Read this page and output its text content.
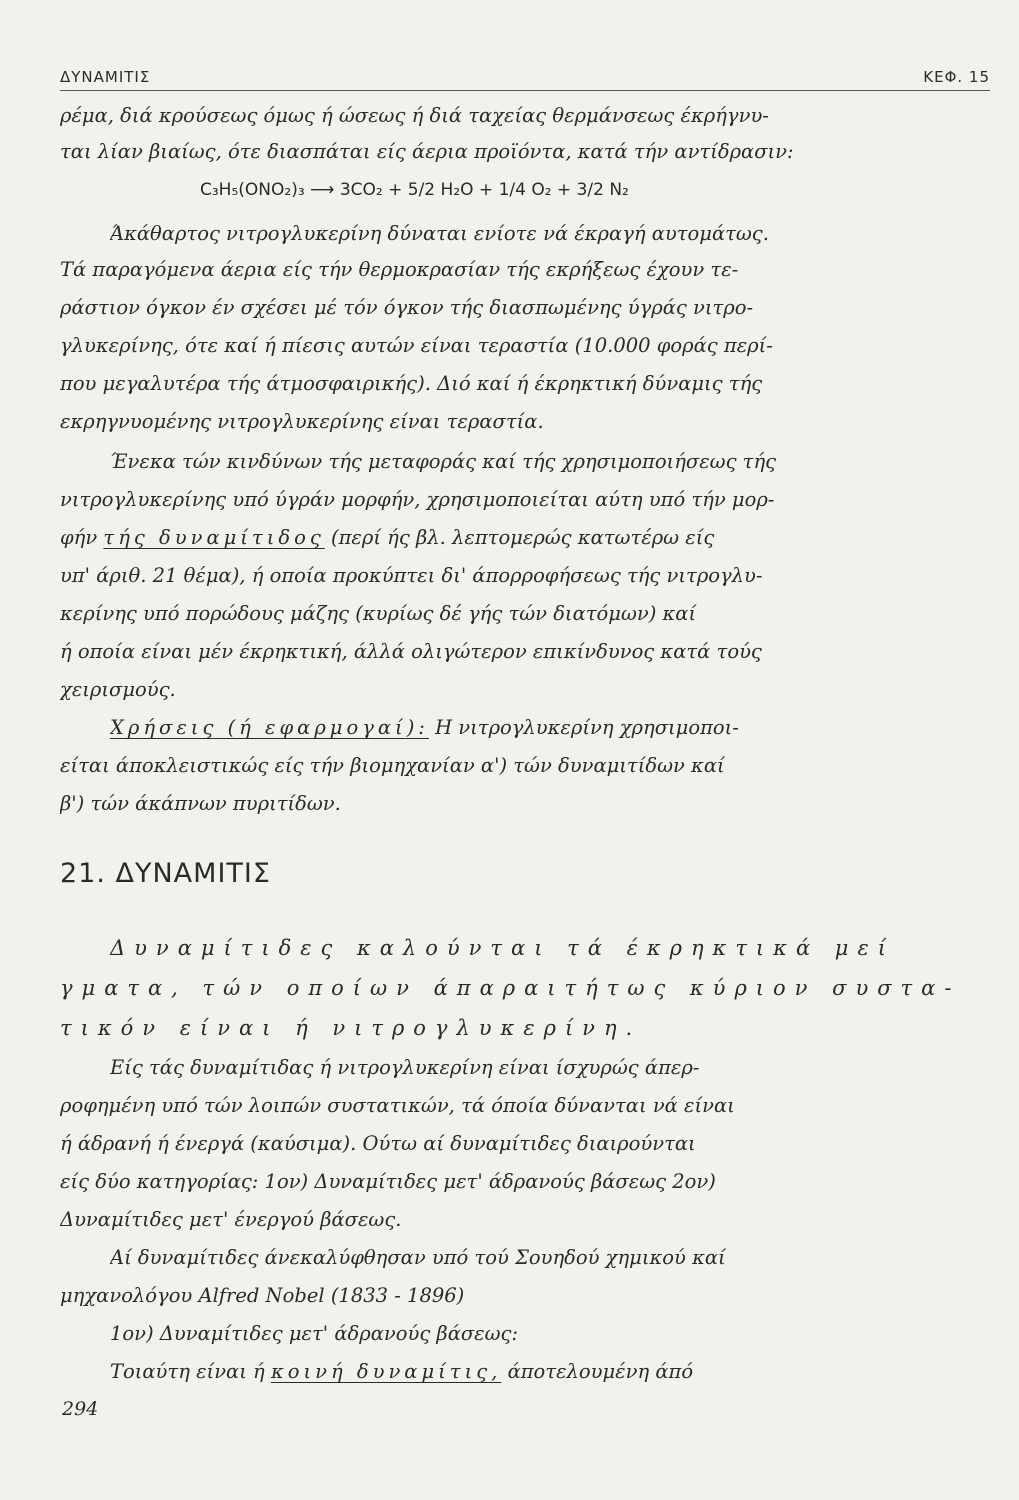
ΔΥΝΑΜΙΤΙΣ	ΚΕΦ. 15
ρέμα, διά κρούσεως όμως ή ώσεως ή διά ταχείας θερμάνσεως έκρήγνυ-
ται λίαν βιαίως, ότε διασπάται είς άερια προϊόντα, κατά τήν αντίδρασιν:
C₃H₅(ONO₂)₃ ⟶ 3CO₂ + 5/2 H₂O + 1/4 O₂ + 3/2 N₂
Άκάθαρτος νιτρογλυκερίνη δύναται ενίοτε νά έκραγή αυτομάτως.
Τά παραγόμενα άερια είς τήν θερμοκρασίαν τής εκρήξεως έχουν τε-
ράστιον όγκον έν σχέσει μέ τόν όγκον τής διασπωμένης ύγράς νιτρο-
γλυκερίνης, ότε καί ή πίεσις αυτών είναι τεραστία (10.000 φοράς περί-
που μεγαλυτέρα τής άτμοσφαιρικής). Διό καί ή έκρηκτική δύναμις τής
εκρηγνυομένης νιτρογλυκερίνης είναι τεραστία.
Ένεκα τών κινδύνων τής μεταφοράς καί τής χρησιμοποιήσεως τής
νιτρογλυκερίνης υπό ύγράν μορφήν, χρησιμοποιείται αύτη υπό τήν μορ-
φήν τής δυναμίτιδος (περί ής βλ. λεπτομερώς κατωτέρω είς
υπ' άριθ. 21 θέμα), ή οποία προκύπτει δι' άπορροφήσεως τής νιτρογλυ-
κερίνης υπό πορώδους μάζης (κυρίως δέ γής τών διατόμων) καί
ή οποία είναι μέν έκρηκτική, άλλά ολιγώτερον επικίνδυνος κατά τούς
χειρισμούς.
Χρήσεις (ή εφαρμογαί): Η νιτρογλυκερίνη χρησιμοποι-
είται άποκλειστικώς είς τήν βιομηχανίαν α') τών δυναμιτίδων καί
β') τών άκάπνων πυριτίδων.
21. ΔΥΝΑΜΙΤΙΣ
Δυναμίτιδες καλούνται τά έκρηκτικά μεί
γματα, τών οποίων άπαραιτήτως κύριον συστα-
τικόν είναι ή νιτρογλυκερίνη.
Είς τάς δυναμίτιδας ή νιτρογλυκερίνη είναι ίσχυρώς άπερ-
ροφημένη υπό τών λοιπών συστατικών, τά όποία δύνανται νά είναι
ή άδρανή ή ένεργά (καύσιμα). Ούτω αί δυναμίτιδες διαιρούνται
είς δύο κατηγορίας: 1ον) Δυναμίτιδες μετ' άδρανούς βάσεως 2ον)
Δυναμίτιδες μετ' ένεργού βάσεως.
Αί δυναμίτιδες άνεκαλύφθησαν υπό τού Σουηδού χημικού καί
μηχανολόγου Alfred Nobel (1833 - 1896)
1ον) Δυναμίτιδες μετ' άδρανούς βάσεως:
Τοιαύτη είναι ή κοινή δυναμίτις, άποτελουμένη άπό
294
